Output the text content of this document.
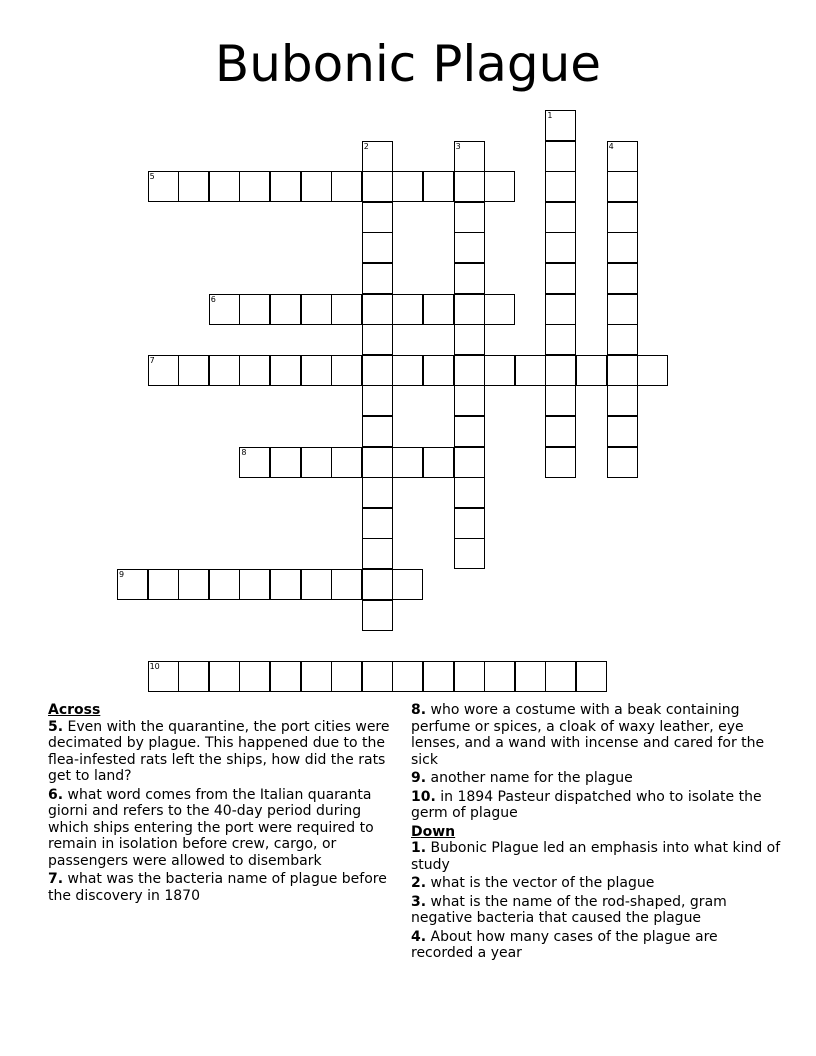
Bubonic Plague
1
2	3	4
5
6
7
8
9
10
Across
5. Even with the quarantine, the port cities were decimated by plague. This happened due to the flea-infested rats left the ships, how did the rats get to land?
6. what word comes from the Italian quaranta giorni and refers to the 40-day period during which ships entering the port were required to remain in isolation before crew, cargo, or passengers were allowed to disembark
7. what was the bacteria name of plague before the discovery in 1870
8. who wore a costume with a beak containing perfume or spices, a cloak of waxy leather, eye lenses, and a wand with incense and cared for the sick
9. another name for the plague
10. in 1894 Pasteur dispatched who to isolate the germ of plague
Down
1. Bubonic Plague led an emphasis into what kind of study
2. what is the vector of the plague
3. what is the name of the rod-shaped, gram negative bacteria that caused the plague
4. About how many cases of the plague are recorded a year
